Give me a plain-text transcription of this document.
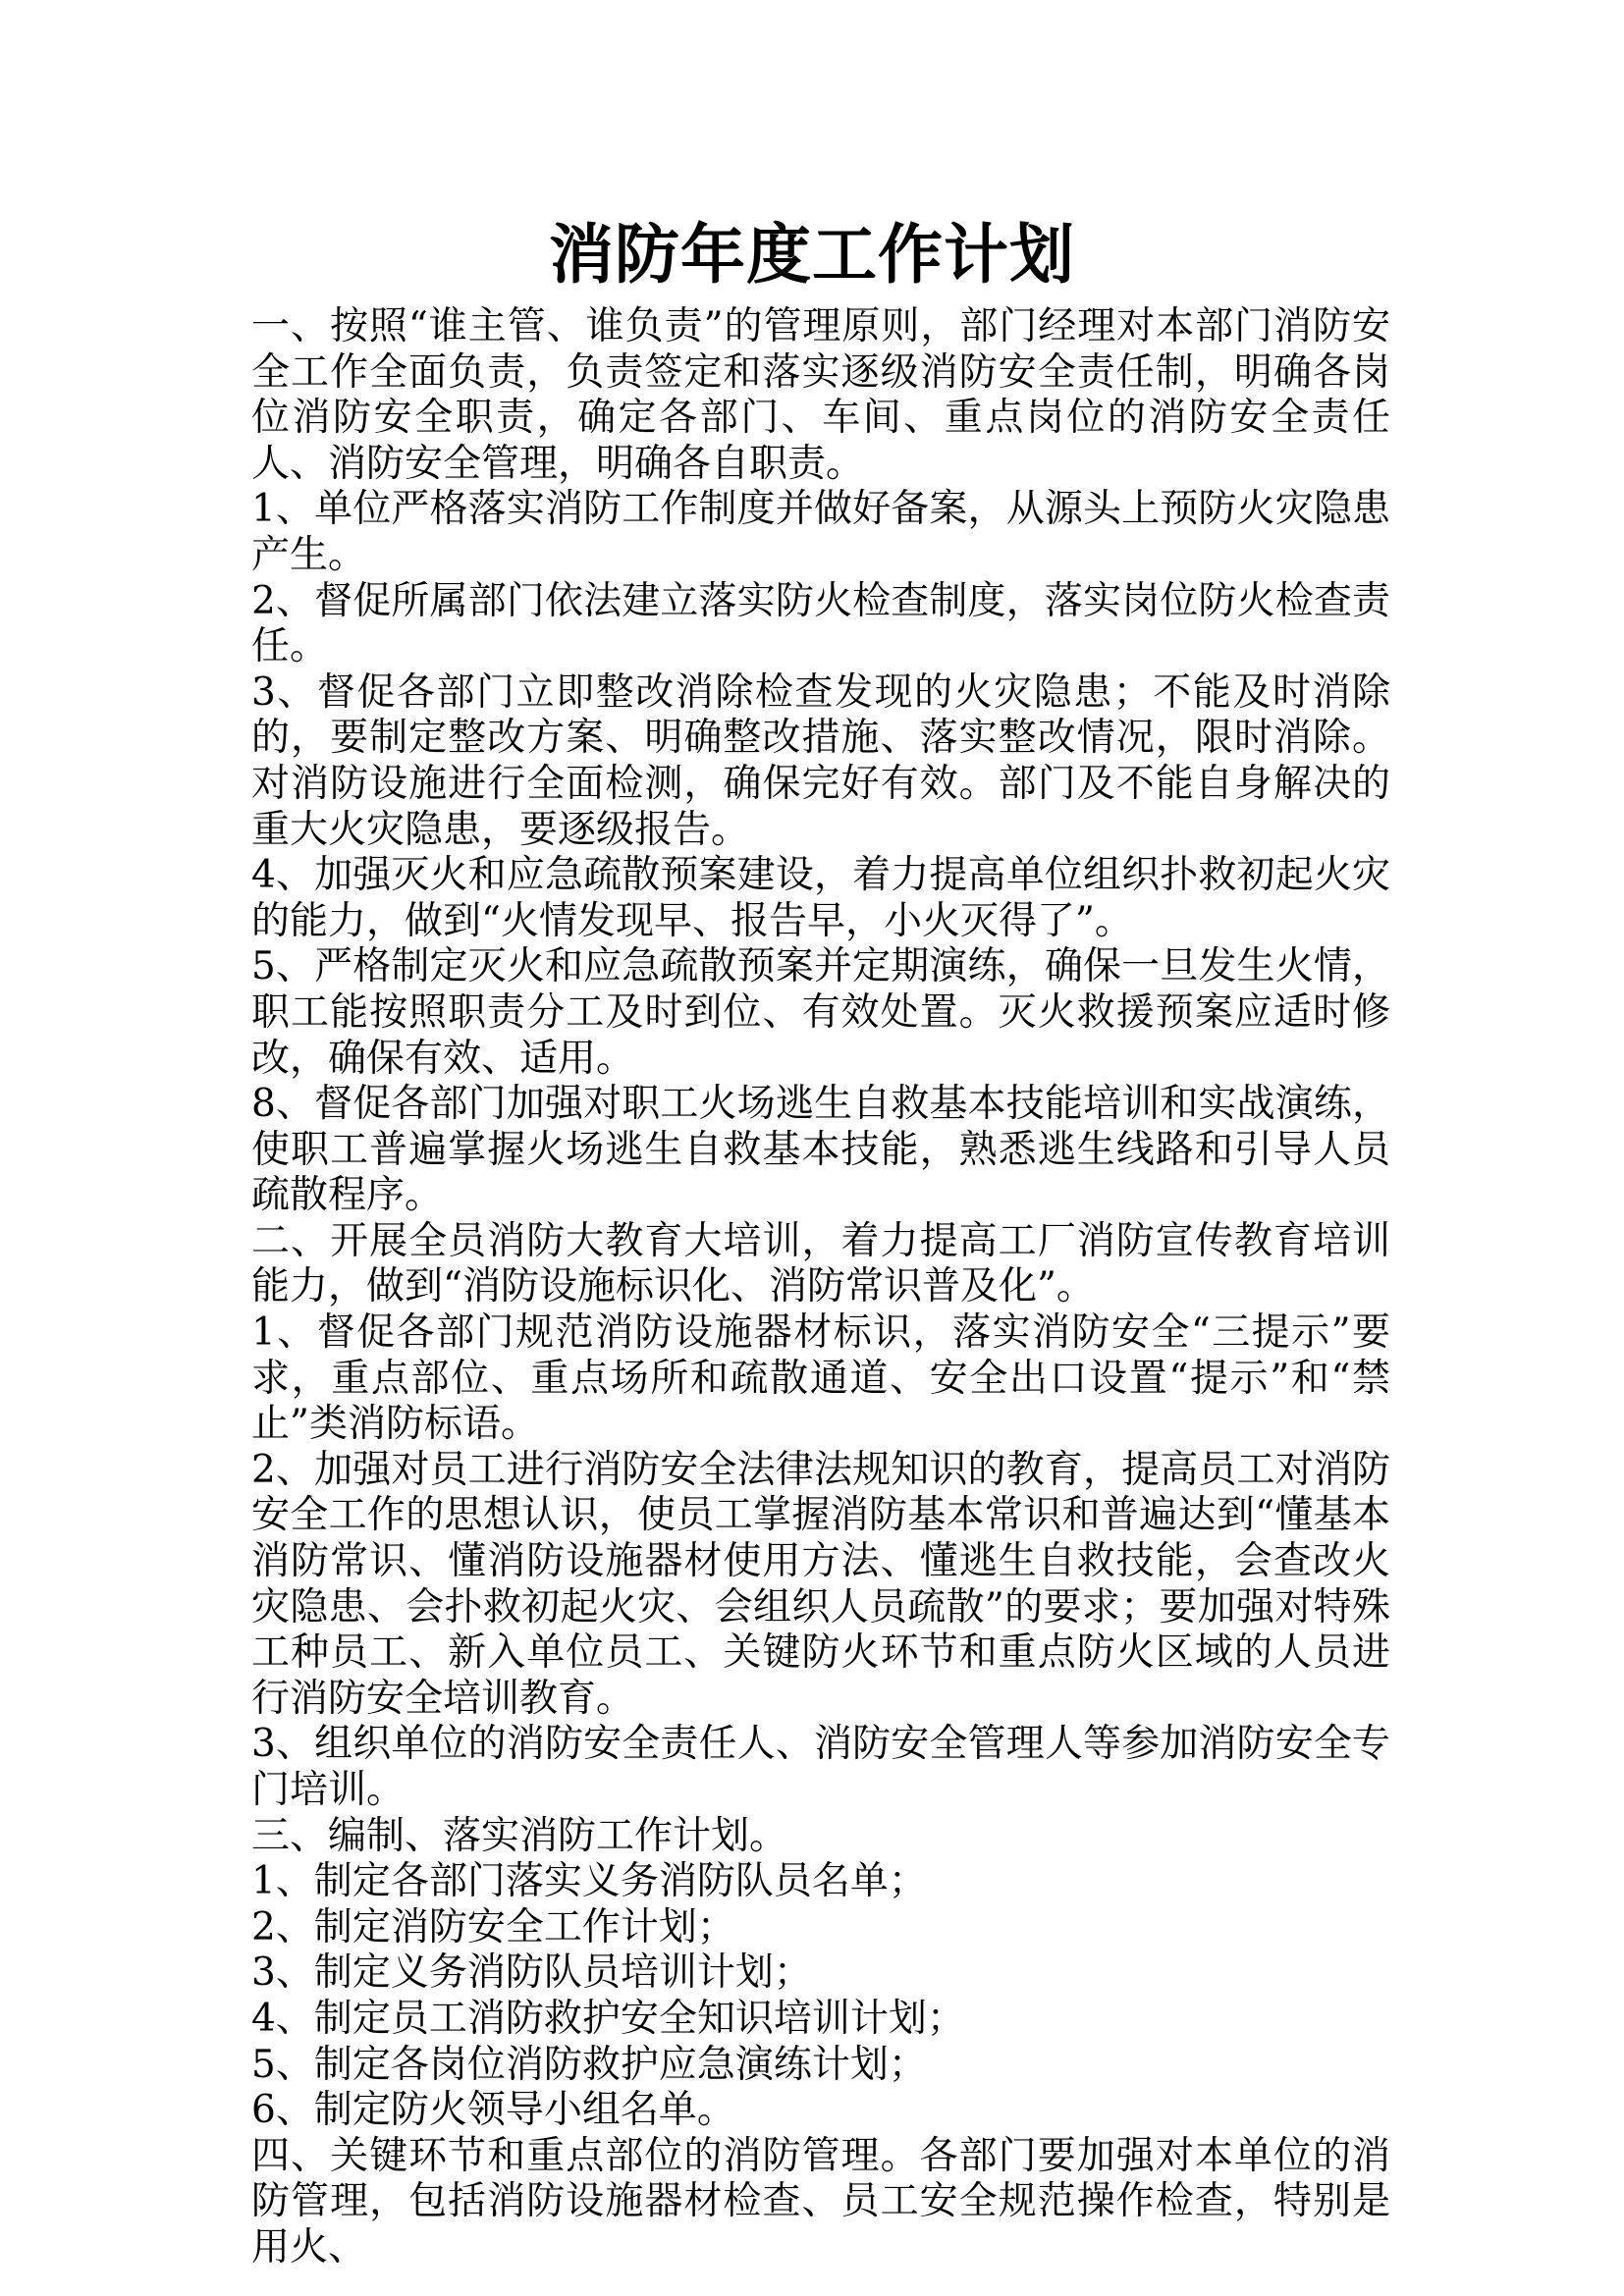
消防年度工作计划

一、按照“谁主管、谁负责”的管理原则，部门经理对本部门消防安全工作全面负责，负责签定和落实逐级消防安全责任制，明确各岗位消防安全职责，确定各部门、车间、重点岗位的消防安全责任人、消防安全管理，明确各自职责。

1、单位严格落实消防工作制度并做好备案，从源头上预防火灾隐患产生。

2、督促所属部门依法建立落实防火检查制度，落实岗位防火检查责任。

3、督促各部门立即整改消除检查发现的火灾隐患；不能及时消除的，要制定整改方案、明确整改措施、落实整改情况，限时消除。对消防设施进行全面检测，确保完好有效。部门及不能自身解决的重大火灾隐患，要逐级报告。

4、加强灭火和应急疏散预案建设，着力提高单位组织扑救初起火灾的能力，做到“火情发现早、报告早，小火灭得了”。

5、严格制定灭火和应急疏散预案并定期演练，确保一旦发生火情，职工能按照职责分工及时到位、有效处置。灭火救援预案应适时修改，确保有效、适用。

8、督促各部门加强对职工火场逃生自救基本技能培训和实战演练，使职工普遍掌握火场逃生自救基本技能，熟悉逃生线路和引导人员疏散程序。

二、开展全员消防大教育大培训，着力提高工厂消防宣传教育培训能力，做到“消防设施标识化、消防常识普及化”。

1、督促各部门规范消防设施器材标识，落实消防安全“三提示”要求，重点部位、重点场所和疏散通道、安全出口设置“提示”和“禁止”类消防标语。

2、加强对员工进行消防安全法律法规知识的教育，提高员工对消防安全工作的思想认识，使员工掌握消防基本常识和普遍达到“懂基本消防常识、懂消防设施器材使用方法、懂逃生自救技能，会查改火灾隐患、会扑救初起火灾、会组织人员疏散”的要求；要加强对特殊工种员工、新入单位员工、关键防火环节和重点防火区域的人员进行消防安全培训教育。

3、组织单位的消防安全责任人、消防安全管理人等参加消防安全专门培训。

三、编制、落实消防工作计划。

1、制定各部门落实义务消防队员名单；

2、制定消防安全工作计划；

3、制定义务消防队员培训计划；

4、制定员工消防救护安全知识培训计划；

5、制定各岗位消防救护应急演练计划；

6、制定防火领导小组名单。

四、关键环节和重点部位的消防管理。各部门要加强对本单位的消防管理，包括消防设施器材检查、员工安全规范操作检查，特别是用火、
